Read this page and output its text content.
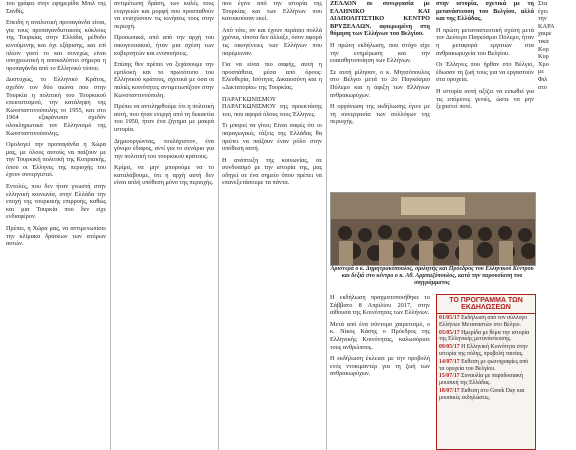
του γράφει στην εφημερίδα Μπιλ της Σανθίς.

Επειδή η αναλυτική προπαγάνδα είναι, για τους προπαγανδιστικούς κύκλους της Τουρκίας στην Ελλάδα, μέθοδο κινούμενης και όχι εξάρισης, και επί πλέον γιατί το και συνεχώς είναι υποχρεωτική η αποκαλύπτει σήμερα η προπαγάνδα από το Ελληνικό τύπου.

Δυστυχώς, το Ελληνικό Κράτος, σχεδόν τον δύο αιώνα που στην Τουρκία η πολιτική του Τουρκικού επεκτατισμού, την κατάληψη της Κωνσταντινούπολης το 1955, και στο 1964 εξαφάνισαν σχεδόν ολοκληρωτικά τον Ελληνισμό της Κωνσταντινούπολης.

Ομολογεί την προπαγάνδα η Χώρα μας, με όλους αυτούς να παίζουν με την Τουρκική πολιτική της Κυπριακής, όπου οι Έλληνες της περιοχής του έχουν συνεργιστεί.

Εντολές, που δεν ήταν γνωστή στην ελληνική κοινωνία, στην Ελλάδα την εποχή της τουρκικής επιρροής, καθώς και μια Τουρκία που δεν είχε ενδιαφέρον.

Πρέπει, η Χώρα μας, να αντιμετωπίσει την κλίμακα δράσεων των ατόμων αυτών.

αντιμέτωπη δράση, των καλές τους ενεργειών και μορφή που προσπαθούν να ενισχύσουν τις κινήσεις τους στην περιοχή.

Προσωπικά, από από την αρχή του οικογενειακού, ήταν μια σχέση των κυβερνητών και ενοποιήσεις.

Επίσης θεν πρέπει να ξεχάσουμε την εμπλοκή και το πρωτότυπο του Ελληνικού κράτους, σχετικά με όσα οι παλιές κοινότητες αντιμετωπίζουν στην Κωνσταντινούπολη.

Πρέπει να αντιληφθούμε ότι η πολιτική αυτή, που ήταν ενεργή από τη δεκαετία του 1950, ήταν ένα ζήτημα με μακρά ιστορία.

Δημιουργώντας, τουλάχιστον, ένα γόνιμο έδαφος, αντί για το σενάριο για την πολιτική του τουρκικού κράτους.

Κρίμα, να μην μπορούμε να το καταλάβουμε, ότι η αρχή αυτή δεν είναι απλή υπόθεση μόνο της περιοχής.

που έγινε από την ιστορία της Τουρκίας και των Ελλήνων που κατοικούσαν εκεί.

Από τότε, αν και έχουν περάσει πολλά χρόνια, τίποτα δεν άλλαξε, όσον αφορά τις οικογένειες των Ελλήνων που παρέμειναν.

Για να είναι πιο σαφής, αυτή η προσπάθεια, μέσα από όρους: Ελευθερία, Ισότητα, Δικαιοσύνη και η «Δικτατορία» της Τουρκίας.

ΠΑΡΑΓΚΩΝΙΣΜΟΥ ΠΑΡΑΓΚΩΝΙΣΜΟΥ της προεκτάσης του, που αφορά όλους τους Έλληνες.

Τι μπορεί να γίνει; Είναι σαφές ότι οι παραγωγικές τάξεις της Ελλάδας θα πρέπει να παίξουν έναν ρόλο στην υπόθεση αυτή.

Η ανάπτυξη της κοινωνίας, σε συνδυασμό με την ιστορία της, μας οδηγεί σε ένα σημείο όπου πρέπει να επανεξετάσουμε τα πάντα.

ΖΕΛΛΟΝ σε συνεργασία με ΕΛΛΗΝΙΚΟ ΚΑΙ ΔΙΑΠΟΛΙΤΙΣΤΙΚΟ ΚΕΝΤΡΟ ΒΡΥΞΕΛΛΩΝ, αφιερωμένη στη θύμηση των Ελλήνων του Βελγίου.

Η πρώτη εκδήλωση, που στόχο είχε την ενημέρωση και την ευαισθητοποίηση των Ελλήνων.

Σε αυτή μίλησαν, ο κ. Μητσόπουλος στο Βέλγιο μετά το 2ο Παγκόσμιο Πόλεμο και η άφιξη των Ελλήνων ανθρακωρύχων.

Η οργάνωση της εκδήλωσης έγινε με τη συνεργασία των συλλόγων της περιοχής.

στην ιστορία, σχετικά με τη μετανάστευση του Βελγίου, αλλά και της Ελλάδας.

Η πρώτη μεταναστευτική σχέση μετά τον Δεύτερο Παγκόσμιο Πόλεμο, ήταν η μεταφορά εργατών στα ανθρακωρυχεία του Βελγίου.

Οι Έλληνες που ήρθαν στο Βέλγιο, έδωσαν τη ζωή τους για να εργαστούν στα ορυχεία.

Η ιστορία αυτή αξίζει να ειπωθεί για τις επόμενες γενιές, ώστε να μην ξεχαστεί ποτέ.

Αριστερά ο κ. Δημητρακόπουλος, ομιλητής και Πρόεδρος του Ελληνικού Κέντρου και δεξιά στο κέντρο ο κ. Αθ. Αρμπαζόπουλος, κατά την παρουσίαση του συγγράμματος

Η εκδήλωση πραγματοποιήθηκε το Σάββατο 8 Απριλίου 2017, στην αίθουσα της Κοινότητας των Ελλήνων.

Μετά από ένα σύντομο χαιρετισμό, ο κ. Νίκος Κάσης ο Πρόεδρος της Ελληνικής Κοινότητας, καλωσόρισε τους ανθρώπους.

Η εκδήλωση έκλεισε με την προβολή ενός ντοκιμαντέρ για τη ζωή των ανθρακωρύχων.

ΤΟ ΠΡΟΓΡΑΜΜΑ ΤΩΝ ΕΚΔΗΛΩΣΕΩΝ

01/05/17 Εκδήλωση από τον σύλλογο Ελλήνων Μεταναστών στο Βέλγιο.

05/05/17 Ημερίδα με θέμα την ιστορία της Ελληνικής μετανάστευσης.

09/05/17 Η Ελληνική Κοινότητα στην ιστορία της πόλης, προβολή ταινίας.

14/07/17 Εκθεση με φωτογραφίες από τα ορυχεία του Βελγίου.

15/07/17 Συναυλία με παραδοσιακή μουσική της Ελλάδας.

18/07/17 Εκθεση στο Greek Day και μουσικές εκδηλώσεις.

Στα

έχει

την

ΚΑΡΑ

χαιρε

τικά

Κορ

Κυρ

Χρο

με

Φιλ

στο
